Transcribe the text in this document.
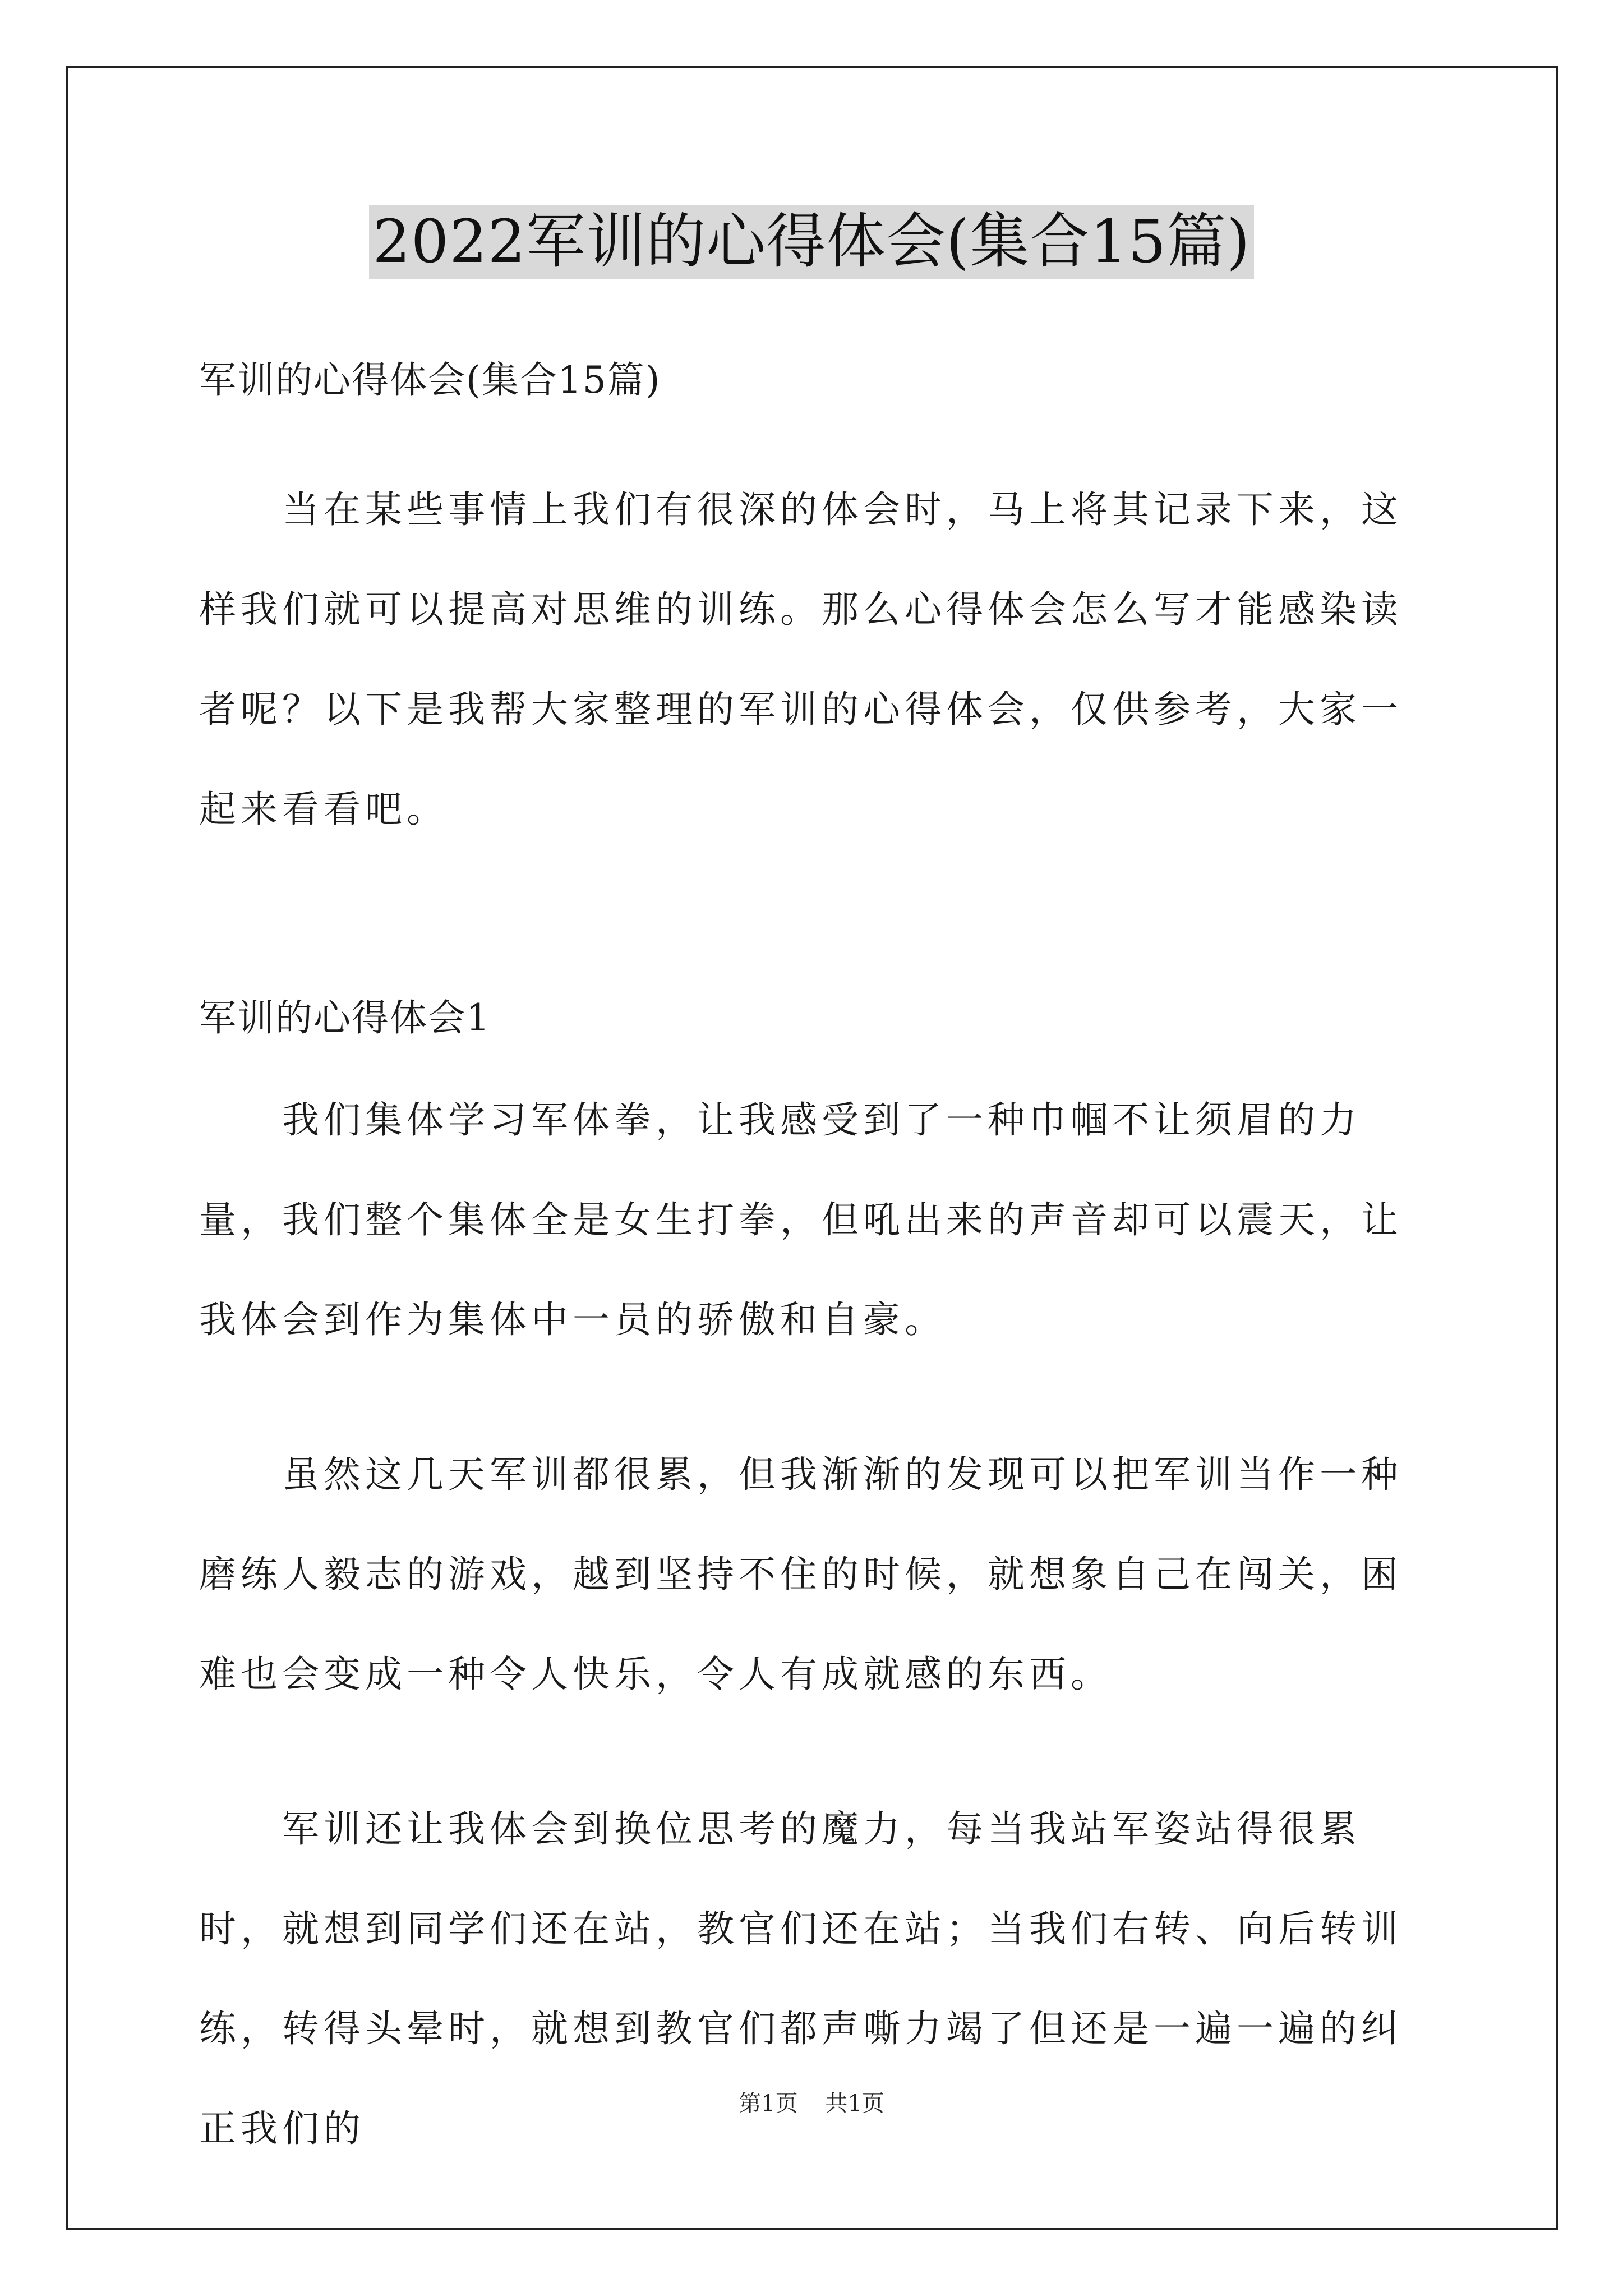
2022军训的心得体会(集合15篇)

军训的心得体会(集合15篇)

当在某些事情上我们有很深的体会时，马上将其记录下来，这样我们就可以提高对思维的训练。那么心得体会怎么写才能感染读者呢？以下是我帮大家整理的军训的心得体会，仅供参考，大家一起来看看吧。

军训的心得体会1

我们集体学习军体拳，让我感受到了一种巾帼不让须眉的力量，我们整个集体全是女生打拳，但吼出来的声音却可以震天，让我体会到作为集体中一员的骄傲和自豪。

虽然这几天军训都很累，但我渐渐的发现可以把军训当作一种磨练人毅志的游戏，越到坚持不住的时候，就想象自己在闯关，困难也会变成一种令人快乐，令人有成就感的东西。

军训还让我体会到换位思考的魔力，每当我站军姿站得很累时，就想到同学们还在站，教官们还在站；当我们右转、向后转训练，转得头晕时，就想到教官们都声嘶力竭了但还是一遍一遍的纠正我们的

第1页 共1页
